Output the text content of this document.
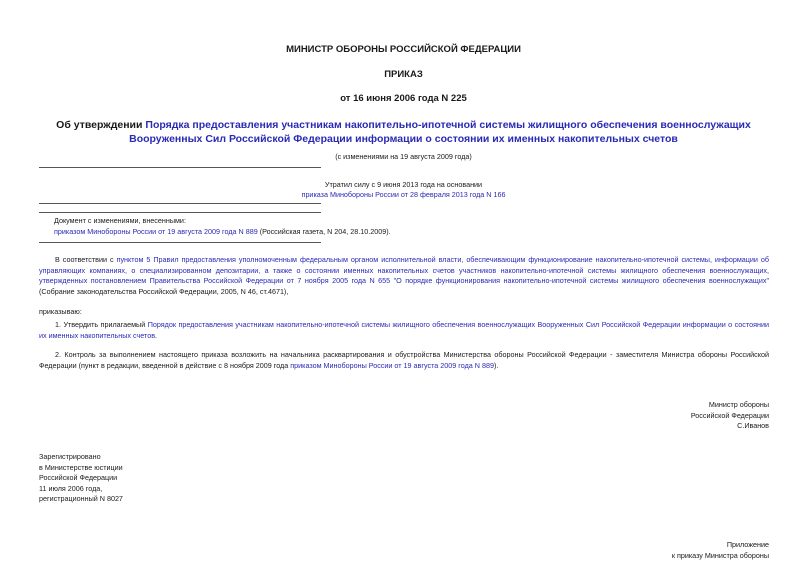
МИНИСТР ОБОРОНЫ РОССИЙСКОЙ ФЕДЕРАЦИИ
ПРИКАЗ
от 16 июня 2006 года N 225
Об утверждении Порядка предоставления участникам накопительно-ипотечной системы жилищного обеспечения военнослужащих Вооруженных Сил Российской Федерации информации о состоянии их именных накопительных счетов
(с изменениями на 19 августа 2009 года)
Утратил силу с 9 июня 2013 года на основании
приказа Минобороны России от 28 февраля 2013 года N 166
Документ с изменениями, внесенными:
приказом Минобороны России от 19 августа 2009 года N 889 (Российская газета, N 204, 28.10.2009).
В соответствии с пунктом 5 Правил предоставления уполномоченным федеральным органом исполнительной власти, обеспечивающим функционирование накопительно-ипотечной системы, информации об управляющих компаниях, о специализированном депозитарии, а также о состоянии именных накопительных счетов участников накопительно-ипотечной системы жилищного обеспечения военнослужащих, утвержденных постановлением Правительства Российской Федерации от 7 ноября 2005 года N 655 "О порядке функционирования накопительно-ипотечной системы жилищного обеспечения военнослужащих" (Собрание законодательства Российской Федерации, 2005, N 46, ст.4671),
приказываю:
1. Утвердить прилагаемый Порядок предоставления участникам накопительно-ипотечной системы жилищного обеспечения военнослужащих Вооруженных Сил Российской Федерации информации о состоянии их именных накопительных счетов.
2. Контроль за выполнением настоящего приказа возложить на начальника расквартирования и обустройства Министерства обороны Российской Федерации - заместителя Министра обороны Российской Федерации (пункт в редакции, введенной в действие с 8 ноября 2009 года приказом Минобороны России от 19 августа 2009 года N 889).
Министр обороны
Российской Федерации
С.Иванов
Зарегистрировано
в Министерстве юстиции
Российской Федерации
11 июля 2006 года,
регистрационный N 8027
Приложение
к приказу Министра обороны
